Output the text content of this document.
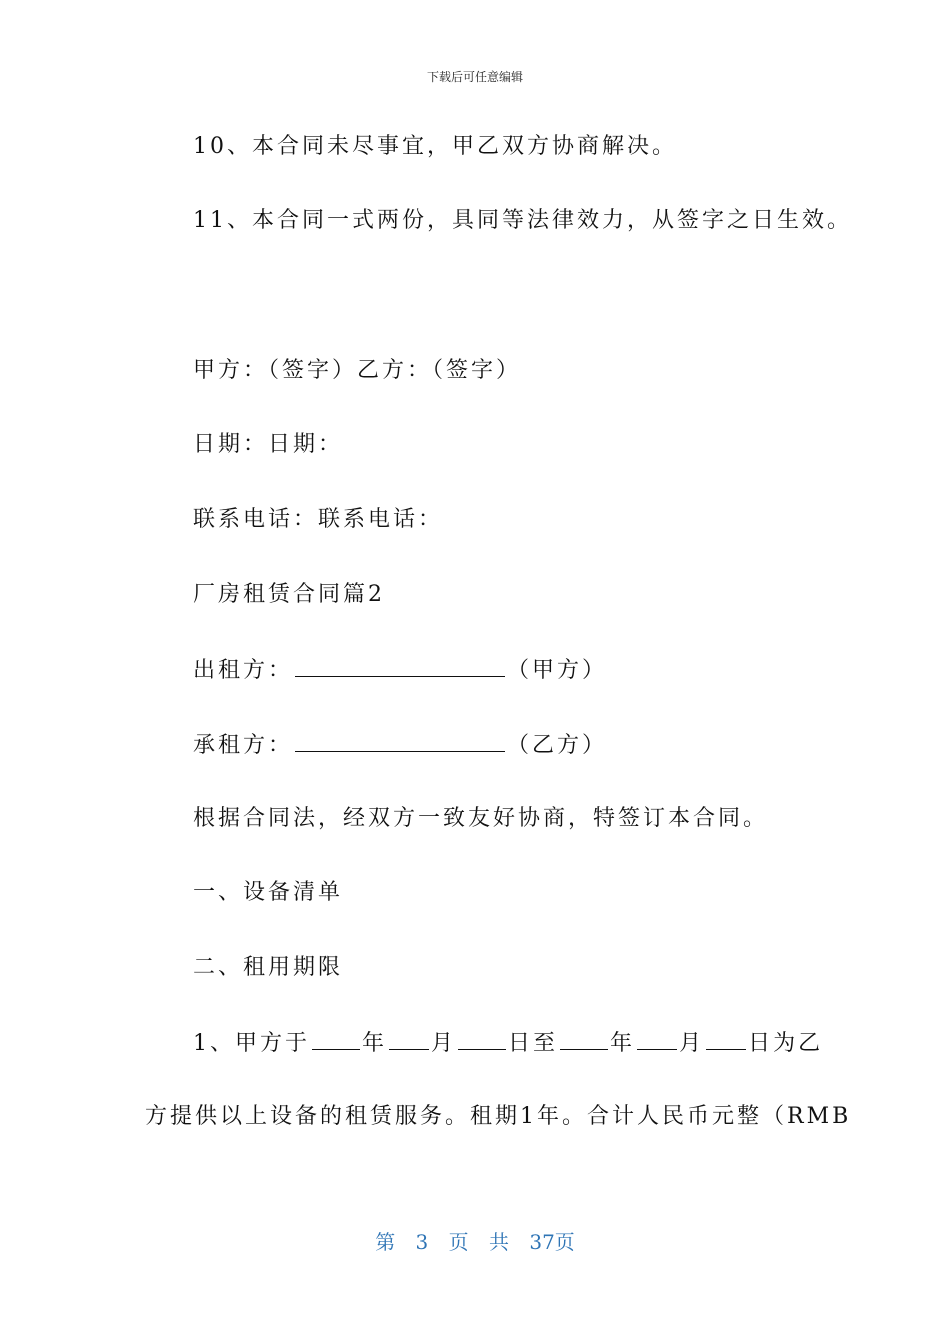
下载后可任意编辑
10、本合同未尽事宜，甲乙双方协商解决。
11、本合同一式两份，具同等法律效力，从签字之日生效。
甲方：（签字）乙方：（签字）
日期：日期：
联系电话：联系电话：
厂房租赁合同篇2
出租方：	（甲方）
承租方：	（乙方）
根据合同法，经双方一致友好协商，特签订本合同。
一、设备清单
二、租用期限
1、甲方于 年 月 日至 年 月 日为乙
方提供以上设备的租赁服务。租期1年。合计人民币元整（RMB
第 3 页 共 37页
